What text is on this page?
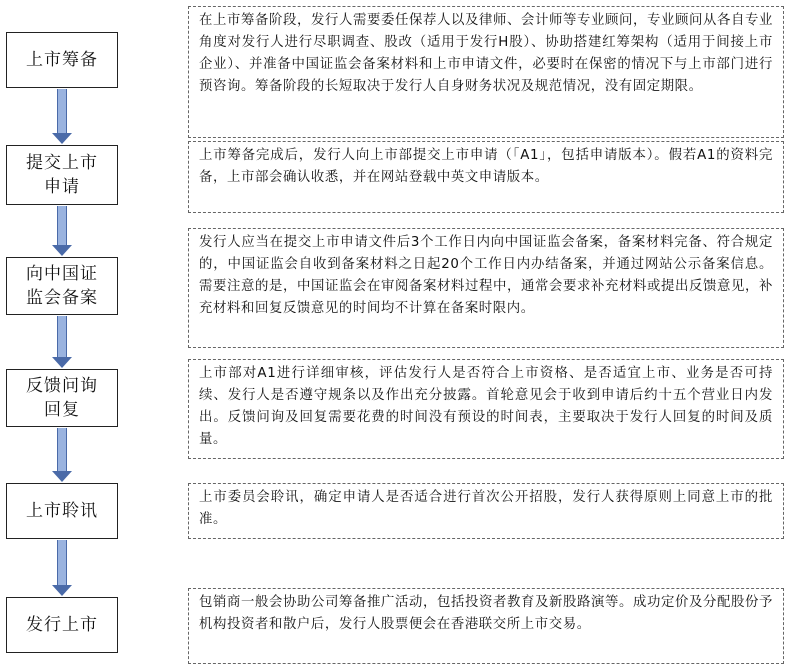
上市筹备
在上市筹备阶段，发行人需要委任保荐人以及律师、会计师等专业顾问，专业顾问从各自专业角度对发行人进行尽职调查、股改（适用于发行H股）、协助搭建红筹架构（适用于间接上市企业）、并准备中国证监会备案材料和上市申请文件，必要时在保密的情况下与上市部门进行预咨询。筹备阶段的长短取决于发行人自身财务状况及规范情况，没有固定期限。
提交上市申请
上市筹备完成后，发行人向上市部提交上市申请（「A1」，包括申请版本）。假若A1的资料完备，上市部会确认收悉，并在网站登载中英文申请版本。
向中国证监会备案
发行人应当在提交上市申请文件后3个工作日内向中国证监会备案，备案材料完备、符合规定的，中国证监会自收到备案材料之日起20个工作日内办结备案，并通过网站公示备案信息。需要注意的是，中国证监会在审阅备案材料过程中，通常会要求补充材料或提出反馈意见，补充材料和回复反馈意见的时间均不计算在备案时限内。
反馈问询回复
上市部对A1进行详细审核，评估发行人是否符合上市资格、是否适宜上市、业务是否可持续、发行人是否遵守规条以及作出充分披露。首轮意见会于收到申请后约十五个营业日内发出。反馈问询及回复需要花费的时间没有预设的时间表，主要取决于发行人回复的时间及质量。
上市聆讯
上市委员会聆讯，确定申请人是否适合进行首次公开招股，发行人获得原则上同意上市的批准。
发行上市
包销商一般会协助公司筹备推广活动，包括投资者教育及新股路演等。成功定价及分配股份予机构投资者和散户后，发行人股票便会在香港联交所上市交易。
